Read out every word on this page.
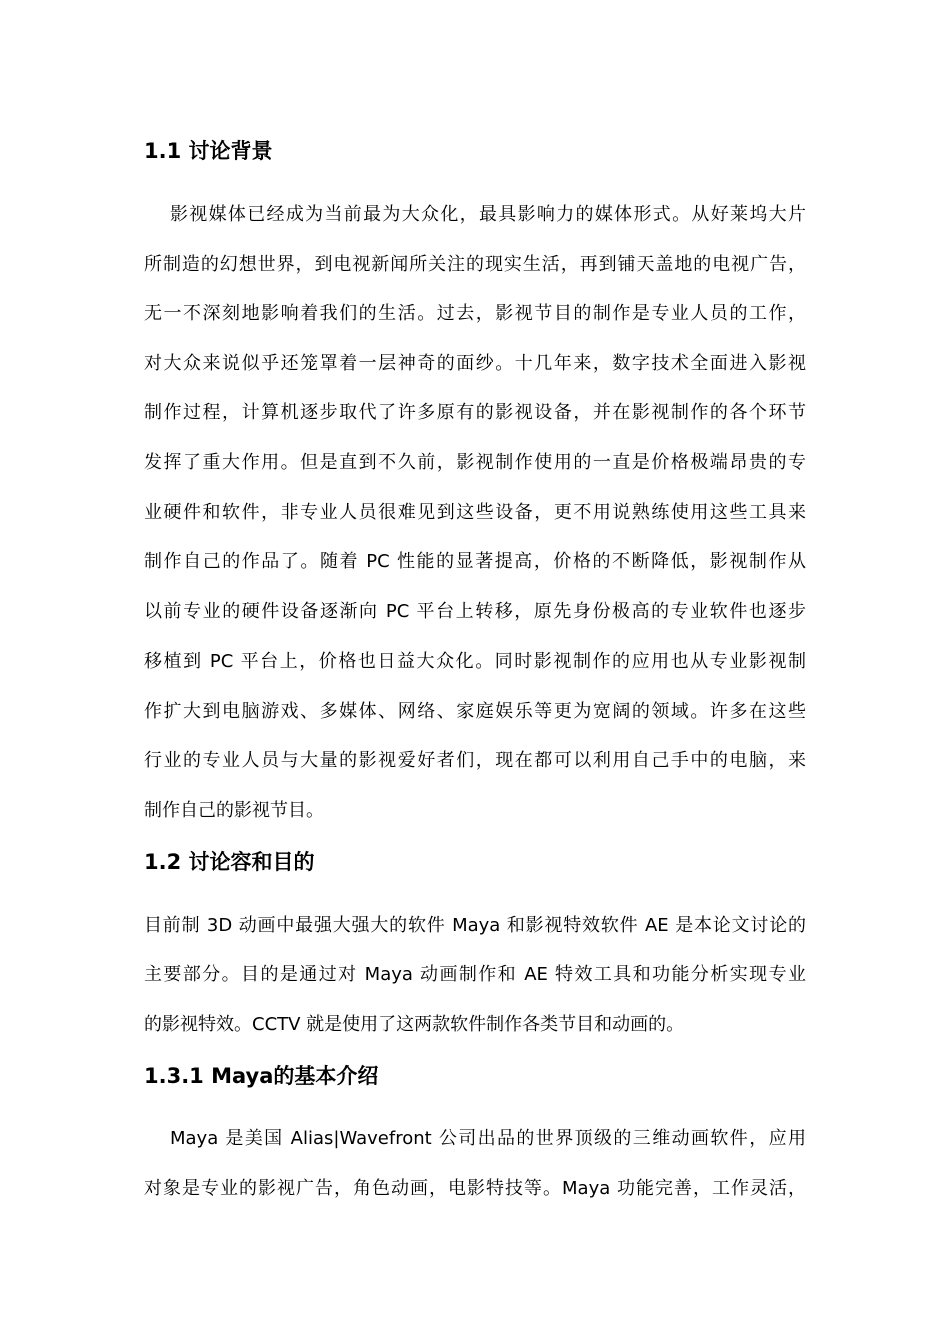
1.1 讨论背景

影视媒体已经成为当前最为大众化，最具影响力的媒体形式。从好莱坞大片

所制造的幻想世界，到电视新闻所关注的现实生活，再到铺天盖地的电视广告，

无一不深刻地影响着我们的生活。过去，影视节目的制作是专业人员的工作，

对大众来说似乎还笼罩着一层神奇的面纱。十几年来，数字技术全面进入影视

制作过程，计算机逐步取代了许多原有的影视设备，并在影视制作的各个环节

发挥了重大作用。但是直到不久前，影视制作使用的一直是价格极端昂贵的专

业硬件和软件，非专业人员很难见到这些设备，更不用说熟练使用这些工具来

制作自己的作品了。随着 PC 性能的显著提高，价格的不断降低，影视制作从

以前专业的硬件设备逐渐向 PC 平台上转移，原先身份极高的专业软件也逐步

移植到 PC 平台上，价格也日益大众化。同时影视制作的应用也从专业影视制

作扩大到电脑游戏、多媒体、网络、家庭娱乐等更为宽阔的领域。许多在这些

行业的专业人员与大量的影视爱好者们，现在都可以利用自己手中的电脑，来

制作自己的影视节目。

1.2 讨论容和目的

目前制 3D 动画中最强大强大的软件 Maya 和影视特效软件 AE 是本论文讨论的

主要部分。目的是通过对 Maya 动画制作和 AE 特效工具和功能分析实现专业

的影视特效。CCTV 就是使用了这两款软件制作各类节目和动画的。

1.3.1 Maya的基本介绍

Maya 是美国 Alias|Wavefront 公司出品的世界顶级的三维动画软件，应用

对象是专业的影视广告，角色动画，电影特技等。Maya 功能完善，工作灵活，
